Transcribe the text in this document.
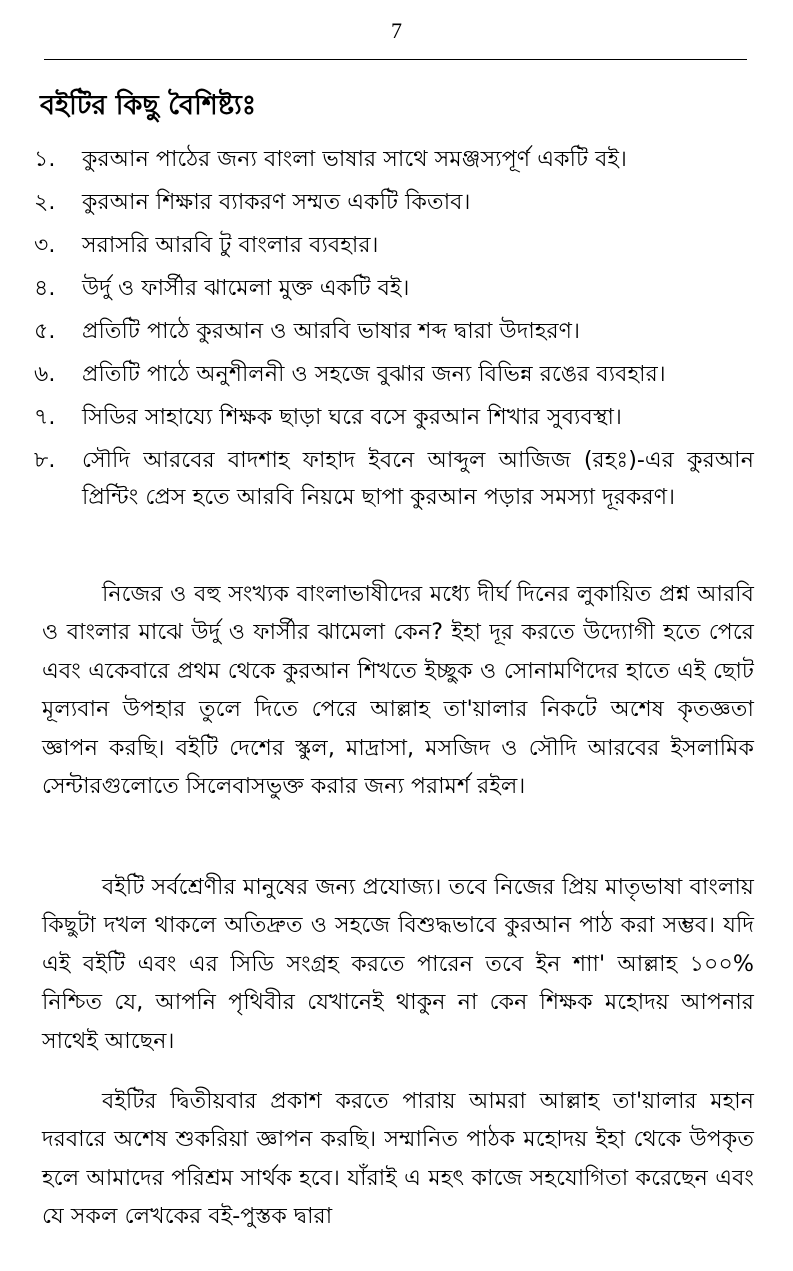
7
বইটির কিছু বৈশিষ্ট্যঃ
১.	কুরআন পাঠের জন্য বাংলা ভাষার সাথে সমঞ্জস্যপূর্ণ একটি বই।
২.	কুরআন শিক্ষার ব্যাকরণ সম্মত একটি কিতাব।
৩.	সরাসরি আরবি টু বাংলার ব্যবহার।
৪.	উর্দু ও ফার্সীর ঝামেলা মুক্ত একটি বই।
৫.	প্রতিটি পাঠে কুরআন ও আরবি ভাষার শব্দ দ্বারা উদাহরণ।
৬.	প্রতিটি পাঠে অনুশীলনী ও সহজে বুঝার জন্য বিভিন্ন রঙের ব্যবহার।
৭.	সিডির সাহায্যে শিক্ষক ছাড়া ঘরে বসে কুরআন শিখার সুব্যবস্থা।
৮.	সৌদি আরবের বাদশাহ ফাহাদ ইবনে আব্দুল আজিজ (রহঃ)-এর কুরআন প্রিন্টিং প্রেস হতে আরবি নিয়মে ছাপা কুরআন পড়ার সমস্যা দূরকরণ।

নিজের ও বহু সংখ্যক বাংলাভাষীদের মধ্যে দীর্ঘ দিনের লুকায়িত প্রশ্ন আরবি ও বাংলার মাঝে উর্দু ও ফার্সীর ঝামেলা কেন? ইহা দূর করতে উদ্যোগী হতে পেরে এবং একেবারে প্রথম থেকে কুরআন শিখতে ইচ্ছুক ও সোনামণিদের হাতে এই ছোট মূল্যবান উপহার তুলে দিতে পেরে আল্লাহ তা'য়ালার নিকটে অশেষ কৃতজ্ঞতা জ্ঞাপন করছি। বইটি দেশের স্কুল, মাদ্রাসা, মসজিদ ও সৌদি আরবের ইসলামিক সেন্টারগুলোতে সিলেবাসভুক্ত করার জন্য পরামর্শ রইল।

বইটি সর্বশ্রেণীর মানুষের জন্য প্রযোজ্য। তবে নিজের প্রিয় মাতৃভাষা বাংলায় কিছুটা দখল থাকলে অতিদ্রুত ও সহজে বিশুদ্ধভাবে কুরআন পাঠ করা সম্ভব। যদি এই বইটি এবং এর সিডি সংগ্রহ করতে পারেন তবে ইন শাা' আল্লাহ ১০০% নিশ্চিত যে, আপনি পৃথিবীর যেখানেই থাকুন না কেন শিক্ষক মহোদয় আপনার সাথেই আছেন।

বইটির দ্বিতীয়বার প্রকাশ করতে পারায় আমরা আল্লাহ তা'য়ালার মহান দরবারে অশেষ শুকরিয়া জ্ঞাপন করছি। সম্মানিত পাঠক মহোদয় ইহা থেকে উপকৃত হলে আমাদের পরিশ্রম সার্থক হবে। যাঁরাই এ মহৎ কাজে সহযোগিতা করেছেন এবং যে সকল লেখকের বই-পুস্তক দ্বারা
